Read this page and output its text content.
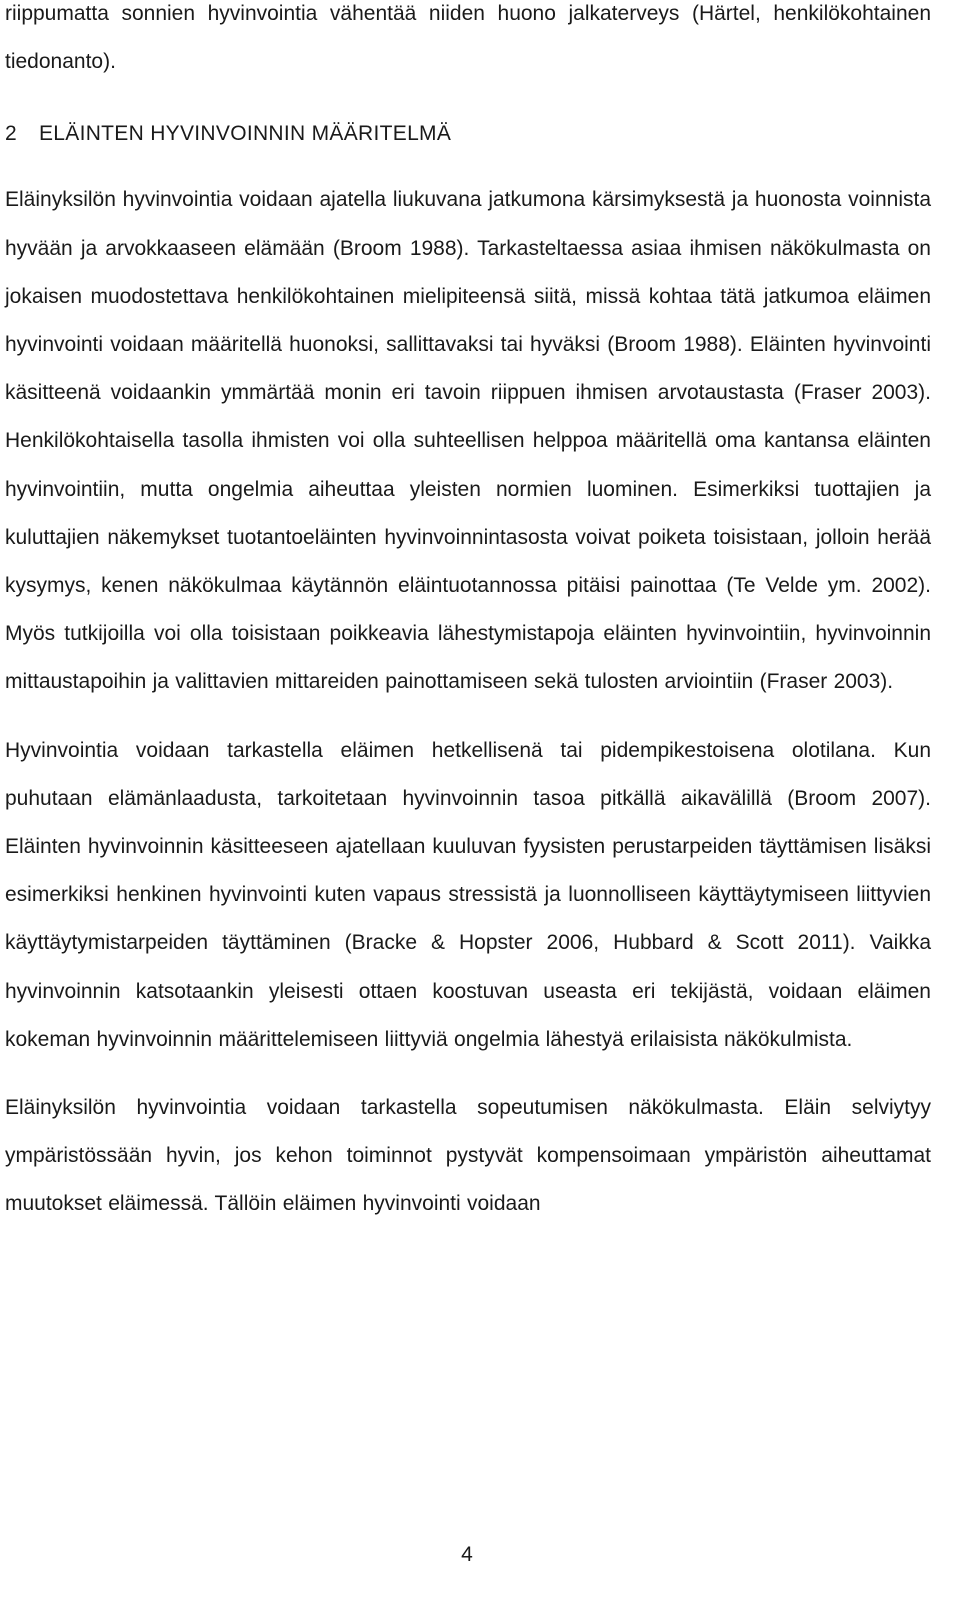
riippumatta sonnien hyvinvointia vähentää niiden huono jalkaterveys (Härtel, henkilökohtainen tiedonanto).

2 ELÄINTEN HYVINVOINNIN MÄÄRITELMÄ

Eläinyksilön hyvinvointia voidaan ajatella liukuvana jatkumona kärsimyksestä ja huonosta voinnista hyvään ja arvokkaaseen elämään (Broom 1988). Tarkasteltaessa asiaa ihmisen näkökulmasta on jokaisen muodostettava henkilökohtainen mielipiteensä siitä, missä kohtaa tätä jatkumoa eläimen hyvinvointi voidaan määritellä huonoksi, sallittavaksi tai hyväksi (Broom 1988). Eläinten hyvinvointi käsitteenä voidaankin ymmärtää monin eri tavoin riippuen ihmisen arvotaustasta (Fraser 2003). Henkilökohtaisella tasolla ihmisten voi olla suhteellisen helppoa määritellä oma kantansa eläinten hyvinvointiin, mutta ongelmia aiheuttaa yleisten normien luominen. Esimerkiksi tuottajien ja kuluttajien näkemykset tuotantoeläinten hyvinvoinnintasosta voivat poiketa toisistaan, jolloin herää kysymys, kenen näkökulmaa käytännön eläintuotannossa pitäisi painottaa (Te Velde ym. 2002). Myös tutkijoilla voi olla toisistaan poikkeavia lähestymistapoja eläinten hyvinvointiin, hyvinvoinnin mittaustapoihin ja valittavien mittareiden painottamiseen sekä tulosten arviointiin (Fraser 2003).

Hyvinvointia voidaan tarkastella eläimen hetkellisenä tai pidempikestoisena olotilana. Kun puhutaan elämänlaadusta, tarkoitetaan hyvinvoinnin tasoa pitkällä aikavälillä (Broom 2007). Eläinten hyvinvoinnin käsitteeseen ajatellaan kuuluvan fyysisten perustarpeiden täyttämisen lisäksi esimerkiksi henkinen hyvinvointi kuten vapaus stressistä ja luonnolliseen käyttäytymiseen liittyvien käyttäytymistarpeiden täyttäminen (Bracke & Hopster 2006, Hubbard & Scott 2011). Vaikka hyvinvoinnin katsotaankin yleisesti ottaen koostuvan useasta eri tekijästä, voidaan eläimen kokeman hyvinvoinnin määrittelemiseen liittyviä ongelmia lähestyä erilaisista näkökulmista.

Eläinyksilön hyvinvointia voidaan tarkastella sopeutumisen näkökulmasta. Eläin selviytyy ympäristössään hyvin, jos kehon toiminnot pystyvät kompensoimaan ympäristön aiheuttamat muutokset eläimessä. Tällöin eläimen hyvinvointi voidaan

4
